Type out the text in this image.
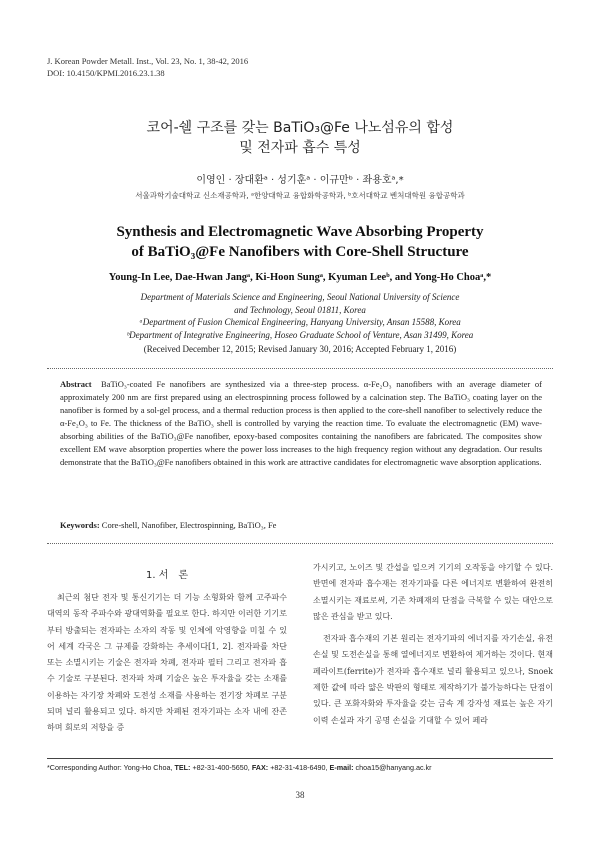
J. Korean Powder Metall. Inst., Vol. 23, No. 1, 38-42, 2016
DOI: 10.4150/KPMI.2016.23.1.38
코어-쉘 구조를 갖는 BaTiO₃@Fe 나노섬유의 합성
및 전자파 흡수 특성
이영인 · 장대환ᵃ · 성기훈ᵃ · 이규만ᵇ · 좌용호ᵃ,*
서울과학기술대학교 신소재공학과, ᵃ한양대학교 융합화학공학과, ᵇ호서대학교 벤처대학원 융합공학과
Synthesis and Electromagnetic Wave Absorbing Property
of BaTiO₃@Fe Nanofibers with Core-Shell Structure
Young-In Lee, Dae-Hwan Jangᵃ, Ki-Hoon Sungᵃ, Kyuman Leeᵇ, and Yong-Ho Choaᵃ,*
Department of Materials Science and Engineering, Seoul National University of Science
and Technology, Seoul 01811, Korea
ᵃDepartment of Fusion Chemical Engineering, Hanyang University, Ansan 15588, Korea
ᵇDepartment of Integrative Engineering, Hoseo Graduate School of Venture, Asan 31499, Korea
(Received December 12, 2015; Revised January 30, 2016; Accepted February 1, 2016)
Abstract BaTiO₃-coated Fe nanofibers are synthesized via a three-step process. α-Fe₂O₃ nanofibers with an average diameter of approximately 200 nm are first prepared using an electrospinning process followed by a calcination step. The BaTiO₃ coating layer on the nanofiber is formed by a sol-gel process, and a thermal reduction process is then applied to the core-shell nanofiber to selectively reduce the α-Fe₂O₃ to Fe. The thickness of the BaTiO₃ shell is controlled by varying the reaction time. To evaluate the electromagnetic (EM) wave-absorbing abilities of the BaTiO₃@Fe nanofiber, epoxy-based composites containing the nanofibers are fabricated. The composites show excellent EM wave absorption properties where the power loss increases to the high frequency region without any degradation. Our results demonstrate that the BaTiO₃@Fe nanofibers obtained in this work are attractive candidates for electromagnetic wave absorption applications.
Keywords: Core-shell, Nanofiber, Electrospinning, BaTiO₃, Fe
1. 서　론

최근의 첨단 전자 및 통신기기는 더 기능 소형화와 함께 고주파수 대역의 동작 주파수와 광대역화를 필요로 한다. 하지만 이러한 기기로부터 방출되는 전자파는 소자의 작동 및 인체에 악영향을 미칠 수 있어 세계 각국은 그 규제를 강화하는 추세이다[1, 2]. 전자파를 차단 또는 소멸시키는 기술은 전자파 차폐, 전자파 필터 그리고 전자파 흡수 기술로 구분된다. 전자파 차폐 기술은 높은 투자율을 갖는 소재를 이용하는 자기장 차폐와 도전성 소재를 사용하는 전기장 차폐로 구분되며 널리 활용되고 있다. 하지만 차폐된 전자기파는 소자 내에 잔존하며 회로의 저항을 증

가시키고, 노이즈 및 간섭을 일으켜 기기의 오작동을 야기할 수 있다. 반면에 전자파 흡수재는 전자기파를 다른 에너지로 변환하여 완전히 소멸시키는 재료로써, 기존 차폐재의 단점을 극복할 수 있는 대안으로 많은 관심을 받고 있다.

전자파 흡수재의 기본 원리는 전자기파의 에너지를 자기손실, 유전손실 및 도전손실을 통해 열에너지로 변환하여 제거하는 것이다. 현재 페라이트(ferrite)가 전자파 흡수재로 널리 활용되고 있으나, Snoek 제한 값에 따라 얇은 박판의 형태로 제작하기가 불가능하다는 단점이 있다. 큰 포화자화와 투자율을 갖는 금속 계 강자성 재료는 높은 자기 이력 손실과 자기 공명 손실을 기대할 수 있어 페라

*Corresponding Author: Yong-Ho Choa, TEL: +82-31-400-5650, FAX: +82-31-418-6490, E-mail: choa15@hanyang.ac.kr
38
